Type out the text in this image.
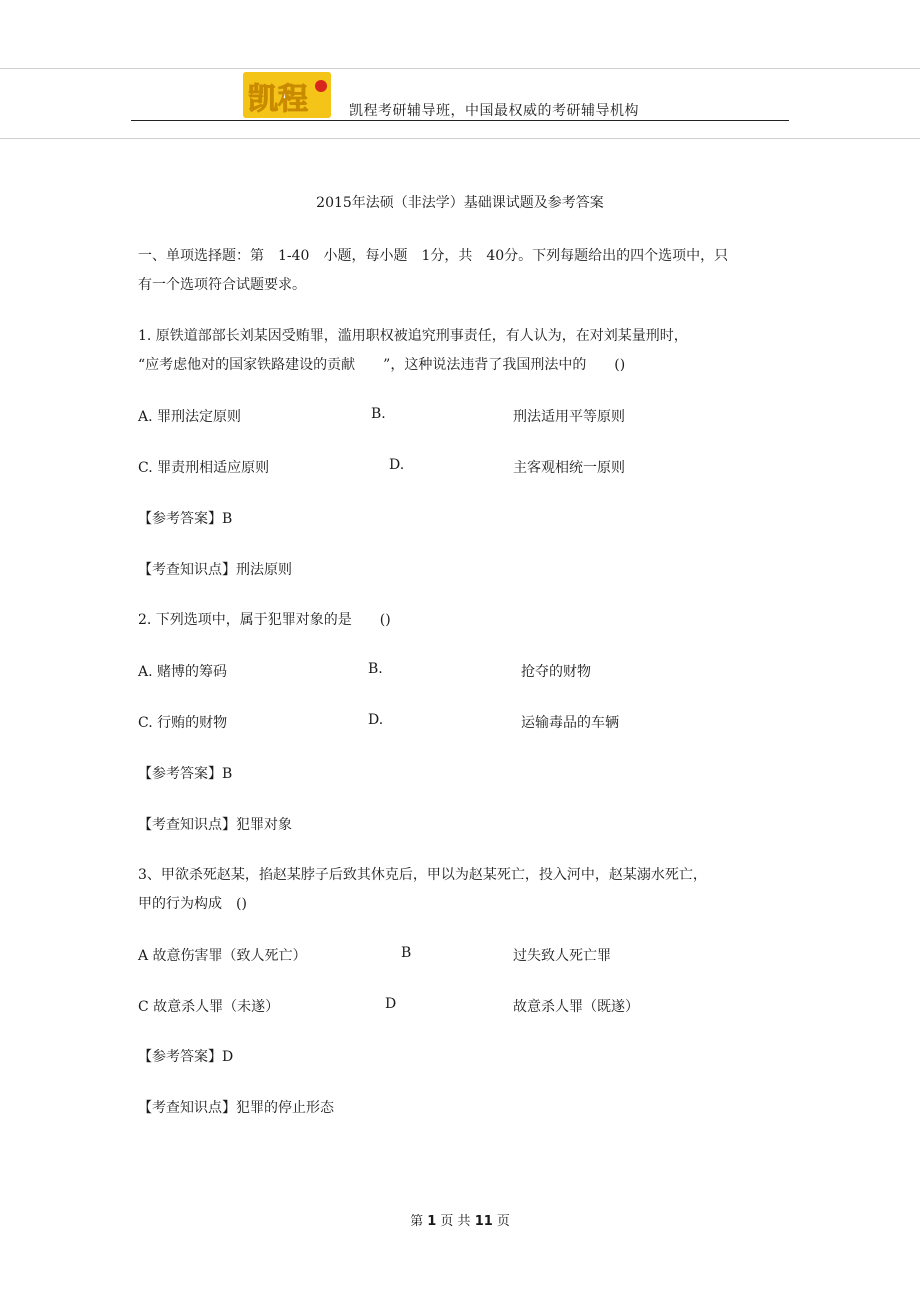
凯程	凯程考研辅导班，中国最权威的考研辅导机构
2015年法硕（非法学）基础课试题及参考答案
一、单项选择题：第　1-40　小题，每小题　1分，共　40分。下列每题给出的四个选项中，只
有一个选项符合试题要求。
1. 原铁道部部长刘某因受贿罪，滥用职权被追究刑事责任，有人认为，在对刘某量刑时，
“应考虑他对的国家铁路建设的贡献　　”，这种说法违背了我国刑法中的　　()
A. 罪刑法定原则	B.	刑法适用平等原则
C. 罪责刑相适应原则	D.	主客观相统一原则
【参考答案】B
【考查知识点】刑法原则
2. 下列选项中，属于犯罪对象的是　　()
A. 赌博的筹码	B.	抢夺的财物
C. 行贿的财物	D.	运输毒品的车辆
【参考答案】B
【考查知识点】犯罪对象
3、甲欲杀死赵某，掐赵某脖子后致其休克后，甲以为赵某死亡，投入河中，赵某溺水死亡，
甲的行为构成　()
A 故意伤害罪（致人死亡）	B	过失致人死亡罪
C 故意杀人罪（未遂）	D	故意杀人罪（既遂）
【参考答案】D
【考查知识点】犯罪的停止形态
第 1 页 共 11 页
